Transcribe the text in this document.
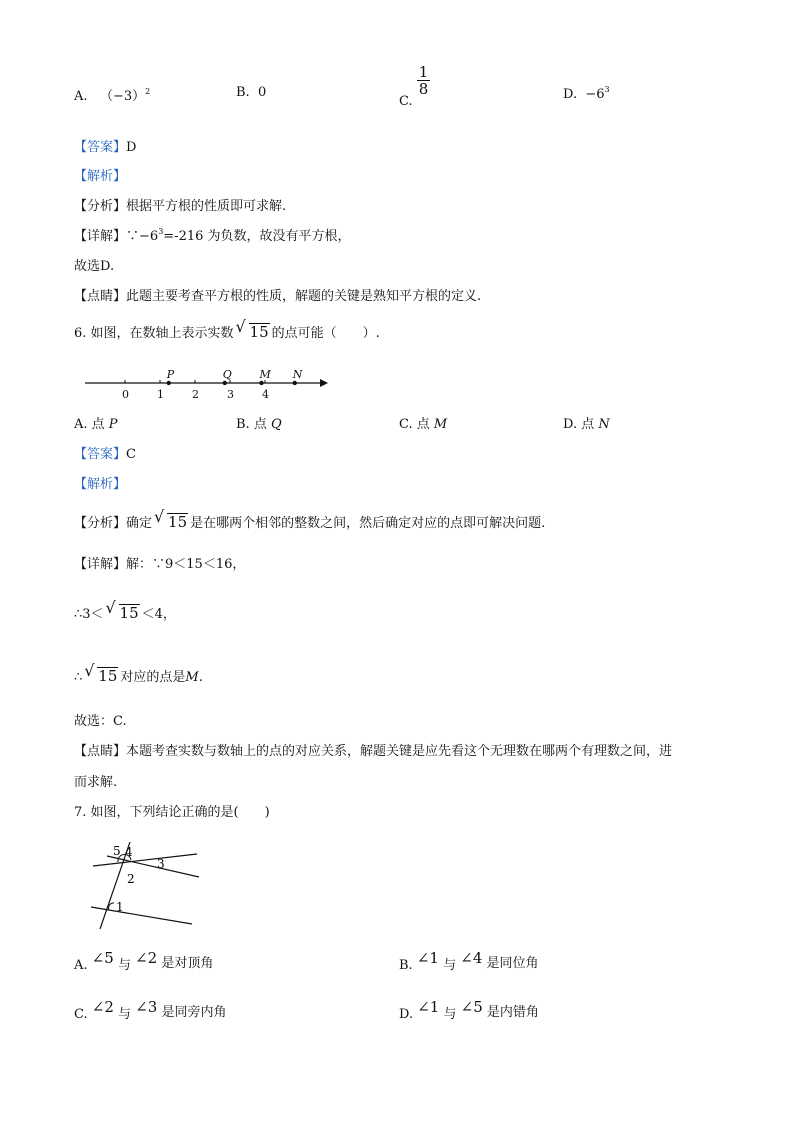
A. $(-3)^2$	B. 0
C.
$\frac{1}{8}$	D. $-6^3$
【答案】D
【解析】
【分析】根据平方根的性质即可求解.
【详解】$\because-6^3=-216$ 为负数，故没有平方根，
故选D.
【点睛】此题主要考查平方根的性质，解题的关键是熟知平方根的定义.
6. 如图，在数轴上表示实数 √ 15 的点可能（　　）.
0	1	2	3	4
P	Q	M N
A. 点 P	B. 点 Q	C. 点 M	D. 点 N
【答案】C
【解析】
【分析】确定 √ 15 是在哪两个相邻的整数之间，然后确定对应的点即可解决问题.
【详解】解：∵9＜15＜16，
∴3＜ √ 15 ＜4，
∴ √ 15 对应的点是M.
故选：C.
【点睛】本题考查实数与数轴上的点的对应关系，解题关键是应先看这个无理数在哪两个有理数之间，进
而求解.
7. 如图，下列结论正确的是(　　)
5 4
3
2
1
A. ∠5 与 ∠2 是对顶角	B. ∠1 与 ∠4 是同位角
C. ∠2 与 ∠3 是同旁内角	D. ∠1 与 ∠5 是内错角
